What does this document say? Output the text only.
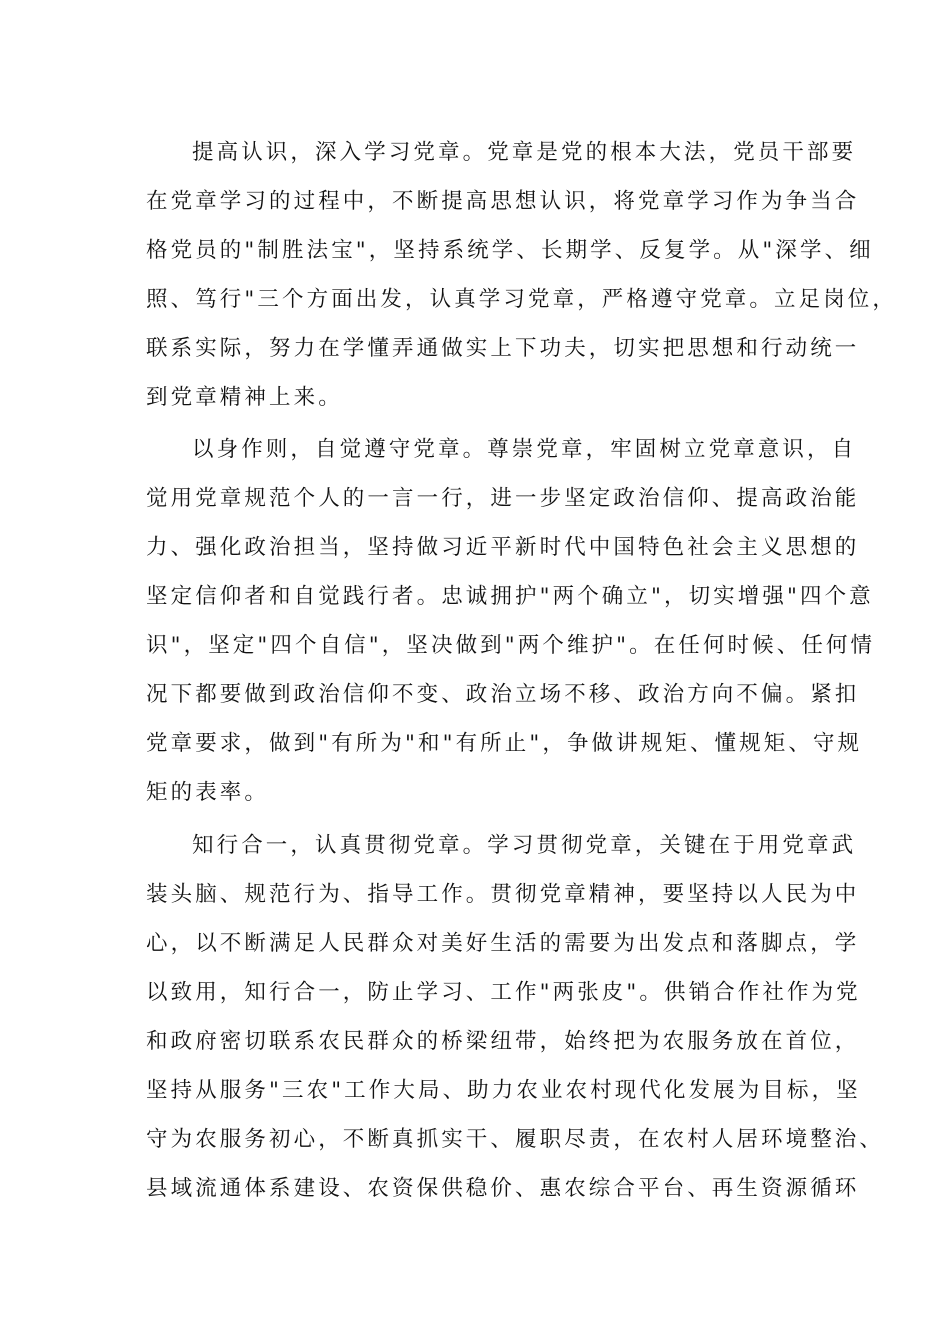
提高认识，深入学习党章。党章是党的根本大法，党员干部要
在党章学习的过程中，不断提高思想认识，将党章学习作为争当合
格党员的"制胜法宝"，坚持系统学、长期学、反复学。从"深学、细
照、笃行"三个方面出发，认真学习党章，严格遵守党章。立足岗位，
联系实际，努力在学懂弄通做实上下功夫，切实把思想和行动统一
到党章精神上来。
以身作则，自觉遵守党章。尊崇党章，牢固树立党章意识，自
觉用党章规范个人的一言一行，进一步坚定政治信仰、提高政治能
力、强化政治担当，坚持做习近平新时代中国特色社会主义思想的
坚定信仰者和自觉践行者。忠诚拥护"两个确立"，切实增强"四个意
识"，坚定"四个自信"，坚决做到"两个维护"。在任何时候、任何情
况下都要做到政治信仰不变、政治立场不移、政治方向不偏。紧扣
党章要求，做到"有所为"和"有所止"，争做讲规矩、懂规矩、守规
矩的表率。
知行合一，认真贯彻党章。学习贯彻党章，关键在于用党章武
装头脑、规范行为、指导工作。贯彻党章精神，要坚持以人民为中
心，以不断满足人民群众对美好生活的需要为出发点和落脚点，学
以致用，知行合一，防止学习、工作"两张皮"。供销合作社作为党
和政府密切联系农民群众的桥梁纽带，始终把为农服务放在首位，
坚持从服务"三农"工作大局、助力农业农村现代化发展为目标，坚
守为农服务初心，不断真抓实干、履职尽责，在农村人居环境整治、
县域流通体系建设、农资保供稳价、惠农综合平台、再生资源循环
